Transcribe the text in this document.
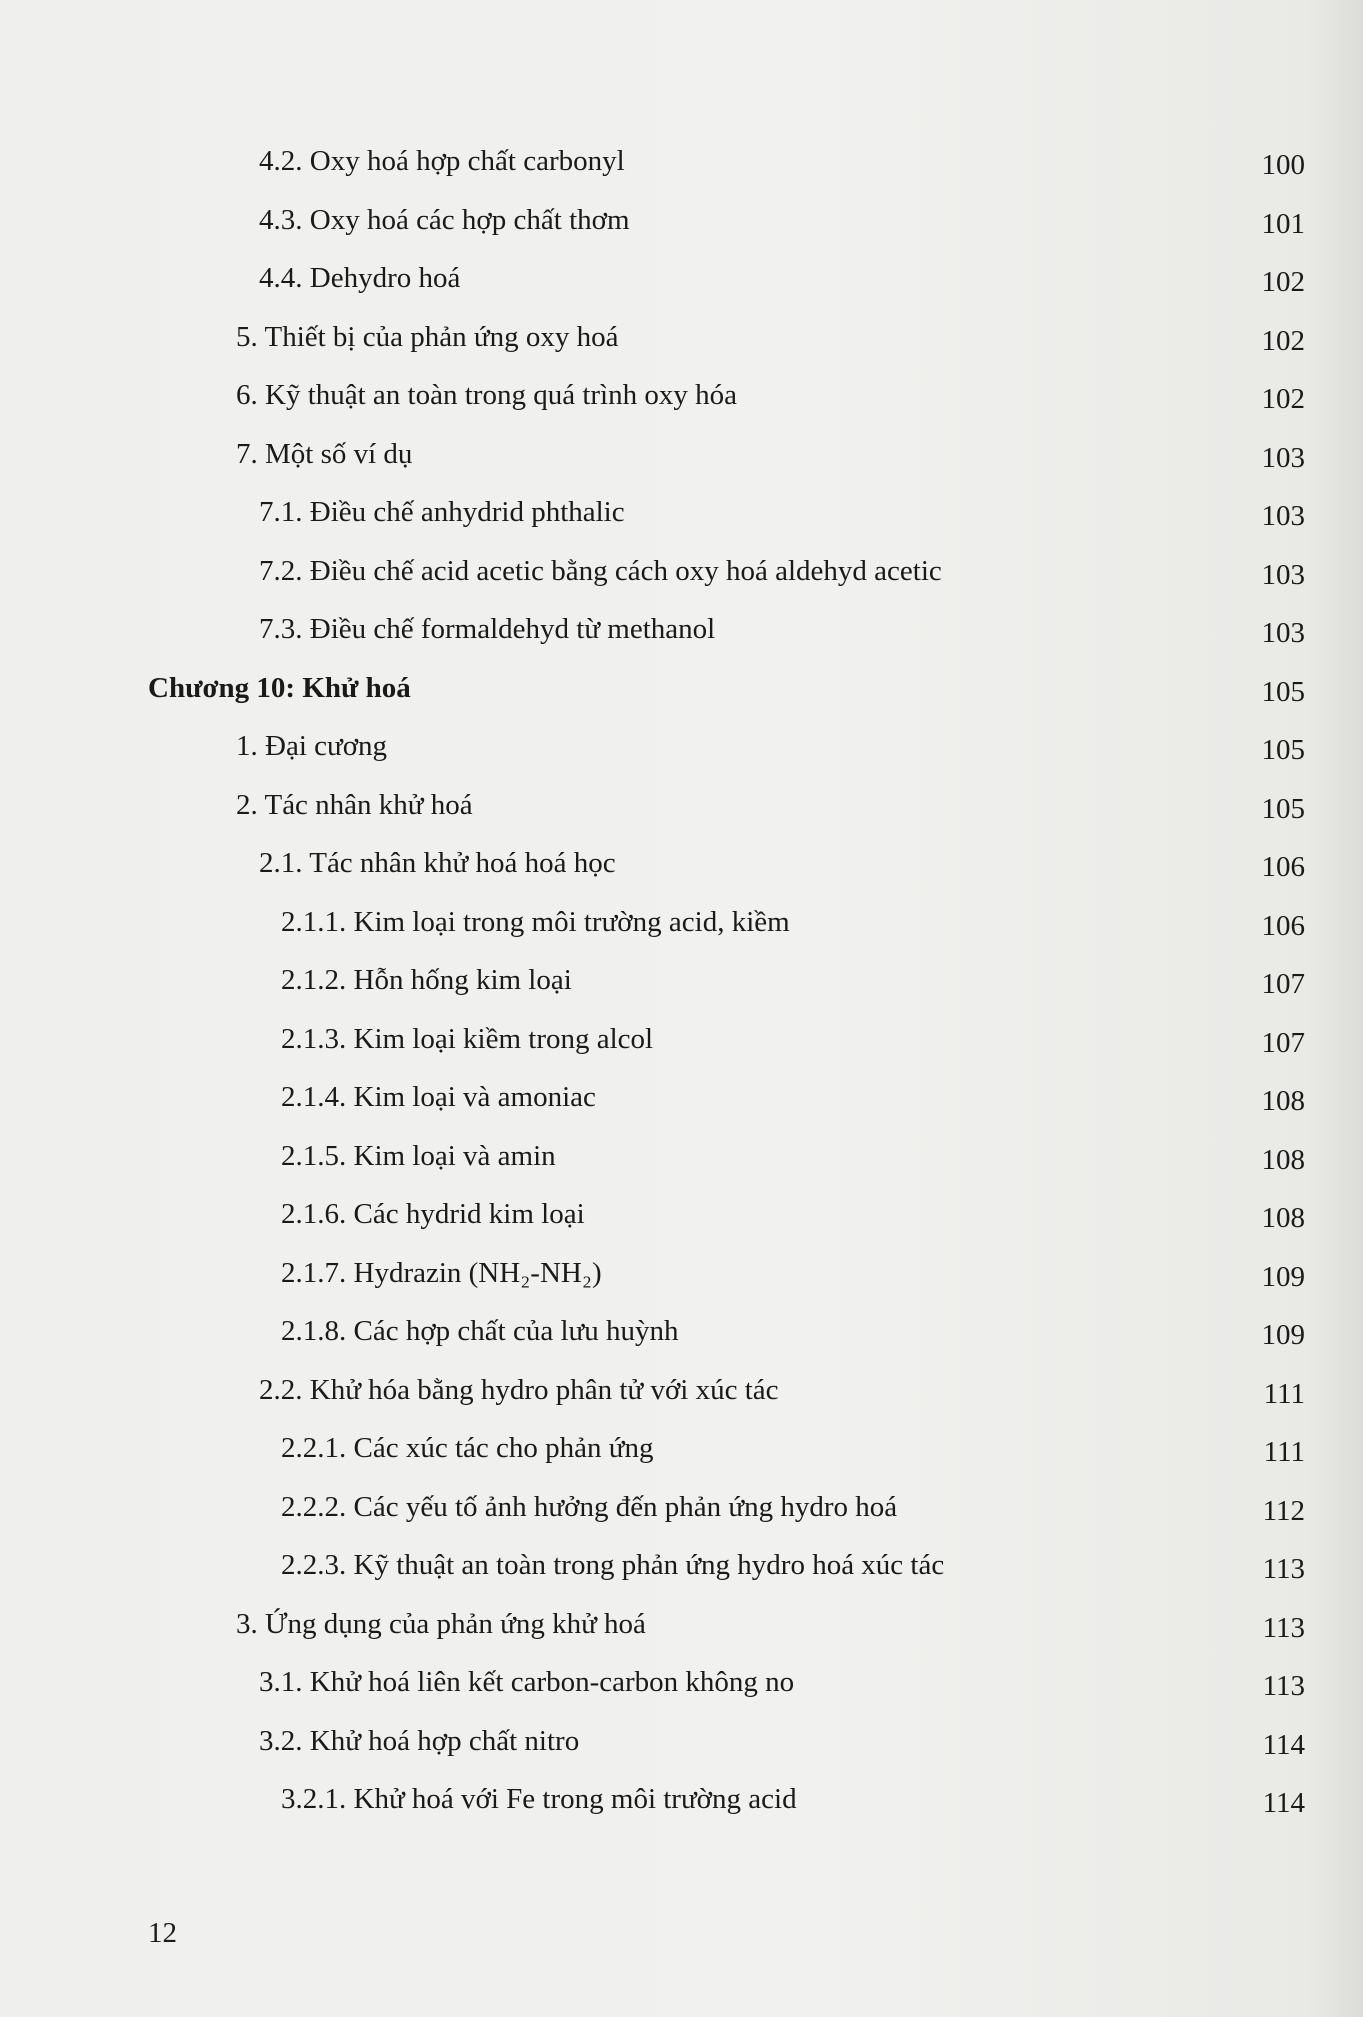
4.2. Oxy hoá hợp chất carbonyl	100
4.3. Oxy hoá các hợp chất thơm	101
4.4. Dehydro hoá	102
5. Thiết bị của phản ứng oxy hoá	102
6. Kỹ thuật an toàn trong quá trình oxy hóa	102
7. Một số ví dụ	103
7.1. Điều chế anhydrid phthalic	103
7.2. Điều chế acid acetic bằng cách oxy hoá aldehyd acetic	103
7.3. Điều chế formaldehyd từ methanol	103
Chương 10: Khử hoá	105
1. Đại cương	105
2. Tác nhân khử hoá	105
2.1. Tác nhân khử hoá hoá học	106
2.1.1. Kim loại trong môi trường acid, kiềm	106
2.1.2. Hỗn hống kim loại	107
2.1.3. Kim loại kiềm trong alcol	107
2.1.4. Kim loại và amoniac	108
2.1.5. Kim loại và amin	108
2.1.6. Các hydrid kim loại	108
2.1.7. Hydrazin (NH₂-NH₂)	109
2.1.8. Các hợp chất của lưu huỳnh	109
2.2. Khử hóa bằng hydro phân tử với xúc tác	111
2.2.1. Các xúc tác cho phản ứng	111
2.2.2. Các yếu tố ảnh hưởng đến phản ứng hydro hoá	112
2.2.3. Kỹ thuật an toàn trong phản ứng hydro hoá xúc tác	113
3. Ứng dụng của phản ứng khử hoá	113
3.1. Khử hoá liên kết carbon-carbon không no	113
3.2. Khử hoá hợp chất nitro	114
3.2.1. Khử hoá với Fe trong môi trường acid	114
12
